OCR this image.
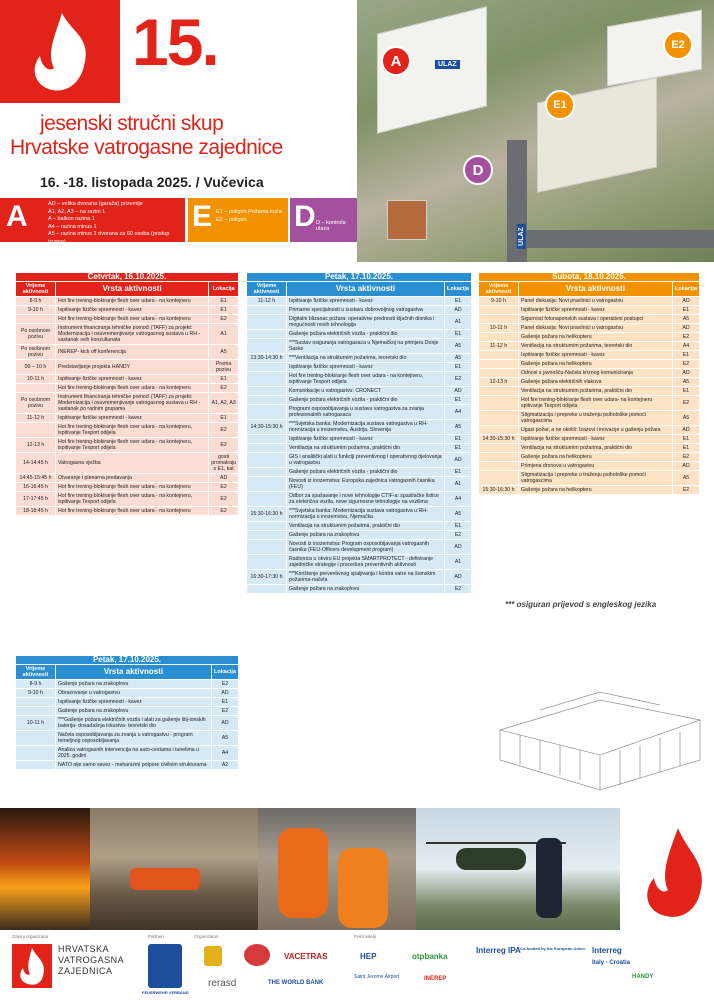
15.
jesenski stručni skup
Hrvatske vatrogasne zajednice
16. -18. listopada 2025. / Vučevica
A	AD – velika dvorana (garaža) prizemlje
A1, A2, A3 – na razini 1
A – balkon razina 1
A4 – razina minus 1
A5 – razina minus 1 dvorana za 60 osoba (pristup izvana)
E E1 – poligon Požarna kuća
E2 – poligon	D D – kontrola ulaza
A
E2
E1
D
ULAZ
ULAZ
Četvrtak, 16.10.2025.		
Vrijeme aktivnosti	Vrsta aktivnosti	Lokacija
8-9 h	Hot fire trening-blokiranje flesh over udara - na kontejneru	E1
9-10 h	Ispitivanje fizičke spremnosti - kavez	E1
	Hot fire trening-blokiranje flesh over udara - na kontejneru	E2
Po osobnom pozivu	Instrument financiranja tehničke pomoći (TAFF) za projekt: Modernizacija i osuvremenjivanje vatrogasnog sustava u RH - sastanak svih konzultanata	A1
Po osobnom pozivu	INEREP- kick off konferencija	A5
09 – 10 h	Predstavljanje projekta HANDY	Prema pozivu
10-11 h	Ispitivanje fizičke spremnosti - kavez	E1
	Hot fire trening-blokiranje flesh over udara - na kontejneru	E2
Po osobnom pozivu	Instrument financiranja tehničke pomoći (TAFF) za projekt: Modernizacija i osuvremenjivanje vatrogasnog sustava u RH - sastanak po radnim grupama	A1, A2, A3
11-12 h	Ispitivanje fizičke spremnosti - kavez	E1
	Hot fire trening-blokiranje flesh over udara - na kontejneru, ispitivanje Texport odijela	E2
12-13 h	Hot fire trening-blokiranje flesh over udara - na kontejneru, ispitivanje Texport odijela	E2
14-14:45 h	Vatrogasna vježba	gosti promatraju s E1, kat
14:45-15:45 h	Otvaranje i plenarna predavanja	AD
16-16:45 h	Hot fire trening-blokiranje flesh over udara - na kontejneru	E2
17-17:45 h	Hot fire trening-blokiranje flesh over udara - na kontejneru, ispitivanje Texport odijela	E2
18-18:45 h	Hot fire trening-blokiranje flesh over udara - na kontejneru	E2
Petak, 17.10.2025.		
Vrijeme aktivnosti	Vrsta aktivnosti	Lokacija
8-9 h	Gašenje požara na zrakoplovu	E2
9-10 h	Obrazovanje u vatrogastvu	AD
	Ispitivanje fizičke spremnosti - kavez	E1
	Gašenje požara na zrakoplovu	E2
10-11 h	***Gašenje požara električnih vozila i alati za gašenje litij-ionskih baterija- dosadašnja iskustva- teoretski dio	AD
	Načela osposobljavanja za zvanja u vatrogastvu - program temeljnog osposobljavanja	A5
	Analiza vatrogasnih intervencija na auto-cestama i tunelima u 2025. godini	A4
	NATO nije samo savez - mehanizmi potpore civilnim strukturama	A2
Petak, 17.10.2025.		
Vrijeme aktivnosti	Vrsta aktivnosti	Lokacija
11-12 h	Ispitivanje fizičke spremnosti - kavez	E1
	Primarne specijalnosti u sustavu dobrovoljnog vatrogastva	AD
	Digitalni blizanac požara: operativne prednosti ključnih dionika i mogućnosti novih tehnologija	A1
	Gašenje požara električnih vozila - praktični dio	E1
	***Sustav osiguranja vatrogasaca u Njemačkoj na primjeru Donje Saske	A5
13:30-14:30 h	***Ventilacija na strukturnim požarima, teoretski dio	A5
	Ispitivanje fizičke spremnosti - kavez	E1
	Hot fire trening-blokiranje flesh over udara - na kontejneru, ispitivanje Texport odijela	E2
	Komunikacije u vatrogastvu: CRONECT	AD
	Gašenje požara električnih vozila - praktični dio	E1
	Programi osposobljavanja u sustavu vatrogastva za zvanja profesionalnih vatrogasaca	A4
14:30-15:30 h	***Svjetska banka: Modernizacija sustava vatrogastva u RH- normizacija u inozemstvu, Austrija, Slovenija	A5
	Ispitivanje fizičke spremnosti - kavez	E1
	Ventilacija na strukturnim požarima, praktični dio	E1
	GIS i analitički alati u funkciji preventivnog i operativnog djelovanja u vatrogastvu	AD
	Gašenje požara električnih vozila - praktični dio	E1
	Novosti iz inozemstva: Europska zajednica vatrogasnih časnika (FEU)	A1
	Odbor za spašavanje i nove tehnologije CTIF-a: spasilačke listice za električna vozila, nove sigurnosne tehnologije na vozilima	A4
15:30-16:30 h	***Svjetska banka: Modernizacija sustava vatrogastva u RH- normizacija u inozemstvu, Njemačka	A5
	Ventilacija na strukturnim požarima, praktični dio	E1
	Gašenje požara na zrakoplovu	E2
	Novosti iz inozemstva: Program osposobljavanja vatrogasnih časnika (FEU-Officers development program)	AD
	Radionica u okviru EU projekta SMARTPROTECT - definiranje zajedničke strategije i procedura preventivnih aktivnosti	A1
16:30-17:30 h	***Korištenje preventivnog spaljivanja i kontra vatre na šumskim požarima-načela	AD
	Gašenje požara na zrakoplovu	E2
Subota, 18.10.2025.		
Vrijeme aktivnosti	Vrsta aktivnosti	Lokacija
9-10 h	Panel diskusija: Novi pravilnici u vatrogastvu	AD
	Ispitivanje fizičke spremnosti - kavez	E1
	Sigurnost fotonaponskih sustava i operativni postupci	A5
10-11 h	Panel diskusija: Novi pravilnici u vatrogastvu	AD
	Gašenje požara na helikopteru	E2
11-12 h	Ventilacija na strukturnim požarima, teoretski dio	A4
	Ispitivanje fizičke spremnosti - kavez	E1
	Gašenje požara na helikopteru	E2
	Odnosi s javnošću-Načela kriznog komuniciranja	AD
12-13 h	Gašenje požara električnih vlakova	A5
	Ventilacija na strukturnim požarima, praktični dio	E1
	Hot fire trening-blokiranje flesh over udara- na kontejneru spitivanje Texport odijela	E2
	Stigmatizacija i prepreke u traženju psihološke pomoći vatrogascima	A5
	Ugasi požar, a ne okoliš: Izazovi i inovacije u gašenju požara	AD
14:30-15:30 h	Ispitivanje fizičke spremnosti - kavez	E1
	Ventilacija na strukturnim požarima, praktični dio	E1
	Gašenje požara na helikopteru	E2
	Primjena dronova u vatrogastvu	AD
	Stigmatizacija i prepreke u traženju psihološke pomoći vatrogascima	A5
15:30-16:30 h	Gašenje požara na helikopteru	E2
*** osiguran prijevod s engleskog jezika
Glavni organizator
HRVATSKA
VATROGASNA
ZAJEDNICA
Partneri
FEUERWEHR VERBAND
Organizatori
VACETRAS
rerasd	THE WORLD BANK
Pokrovitelji
HEP	otpbanka
Saint Jerome Airport	INEREP
Interreg IPA Co-funded by the European Union Interreg
Italy - Croatia
HANDY
